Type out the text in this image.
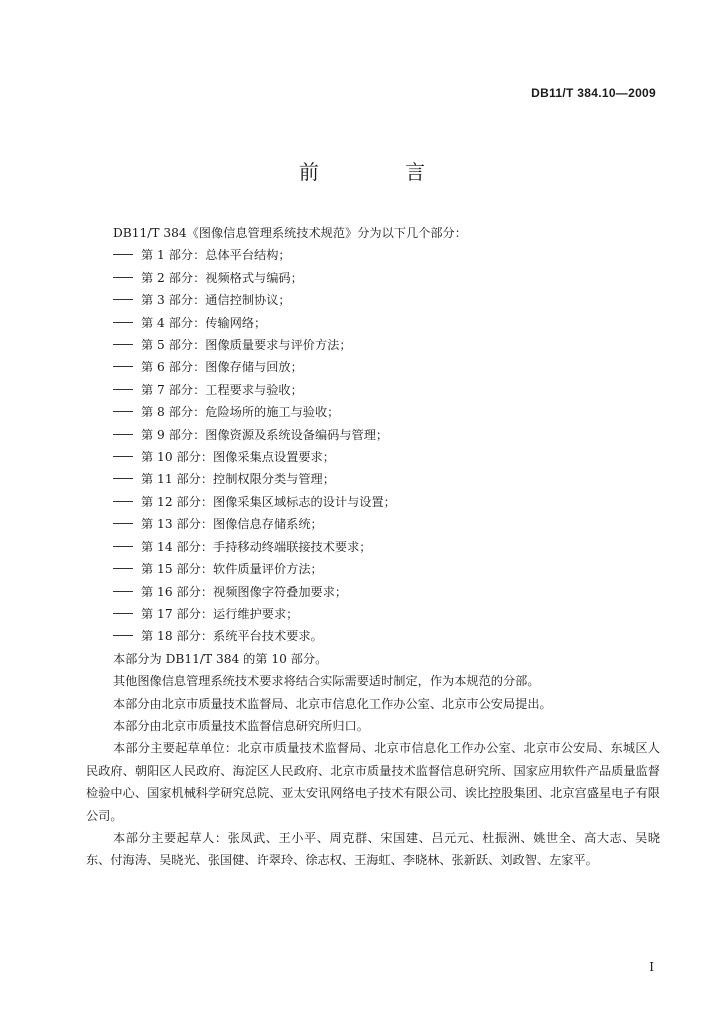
DB11/T 384.10—2009
前 言
DB11/T 384《图像信息管理系统技术规范》分为以下几个部分：
第 1 部分：总体平台结构；
第 2 部分：视频格式与编码；
第 3 部分：通信控制协议；
第 4 部分：传输网络；
第 5 部分：图像质量要求与评价方法；
第 6 部分：图像存储与回放；
第 7 部分：工程要求与验收；
第 8 部分：危险场所的施工与验收；
第 9 部分：图像资源及系统设备编码与管理；
第 10 部分：图像采集点设置要求；
第 11 部分：控制权限分类与管理；
第 12 部分：图像采集区域标志的设计与设置；
第 13 部分：图像信息存储系统；
第 14 部分：手持移动终端联接技术要求；
第 15 部分：软件质量评价方法；
第 16 部分：视频图像字符叠加要求；
第 17 部分：运行维护要求；
第 18 部分：系统平台技术要求。
本部分为 DB11/T 384 的第 10 部分。
其他图像信息管理系统技术要求将结合实际需要适时制定，作为本规范的分部。
本部分由北京市质量技术监督局、北京市信息化工作办公室、北京市公安局提出。
本部分由北京市质量技术监督信息研究所归口。
本部分主要起草单位：北京市质量技术监督局、北京市信息化工作办公室、北京市公安局、东城区人民政府、朝阳区人民政府、海淀区人民政府、北京市质量技术监督信息研究所、国家应用软件产品质量监督检验中心、国家机械科学研究总院、亚太安讯网络电子技术有限公司、诶比控股集团、北京宫盛星电子有限公司。
本部分主要起草人：张凤武、王小平、周克群、宋国建、吕元元、杜振洲、姚世全、高大志、吴晓东、付海涛、吴晓光、张国健、许翠玲、徐志权、王海虹、李晓林、张新跃、刘政智、左家平。
I
